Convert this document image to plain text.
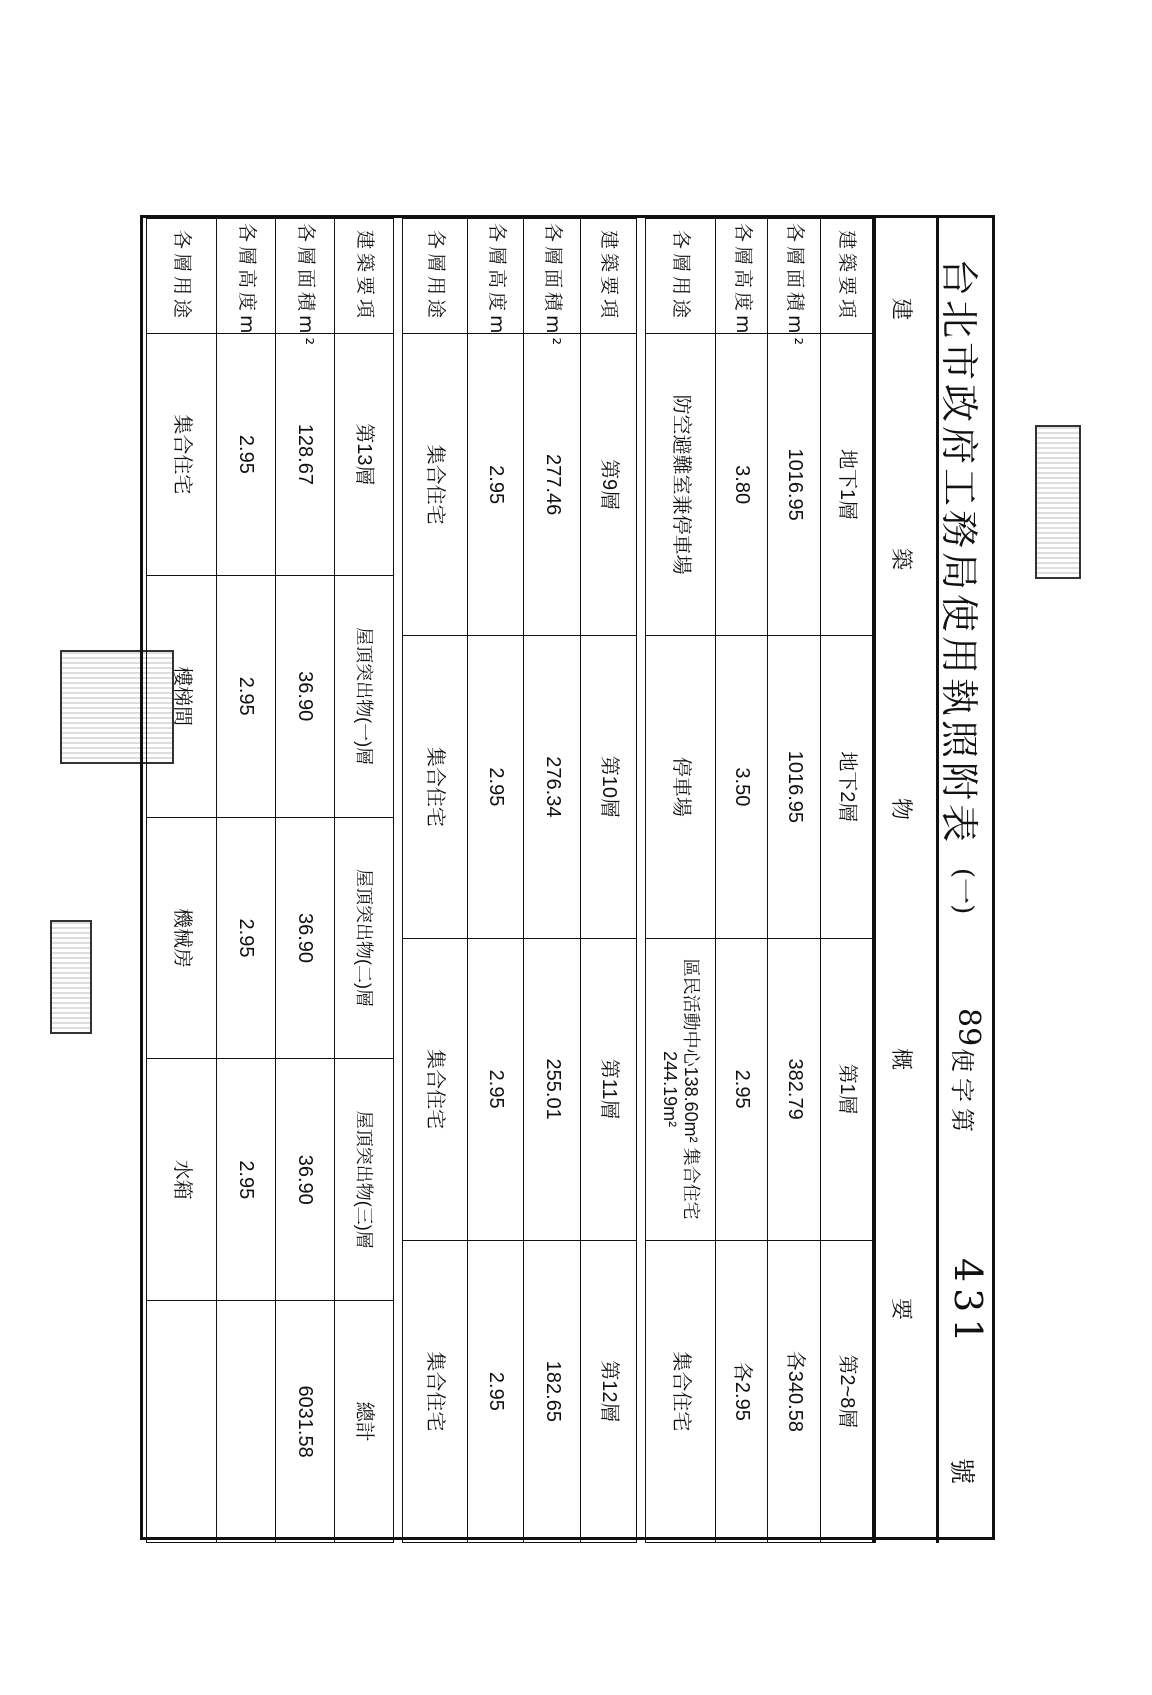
台北市政府工務局使用執照附表
(一)
89
使字第
431
號
建
築
物
概
要
建築要項	地下1層	地下2層	第1層	第2~8層
各層面積m²	1016.95	1016.95	382.79	各340.58
各層高度m	3.80	3.50	2.95	各2.95
各層用途	防空避難室兼停車場	停車場	區民活動中心138.60m² 集合住宅244.19m²	集合住宅
建築要項	第9層	第10層	第11層	第12層
各層面積m²	277.46	276.34	255.01	182.65
各層高度m	2.95	2.95	2.95	2.95
各層用途	集合住宅	集合住宅	集合住宅	集合住宅
建築要項	第13層	屋頂突出物(一)層	屋頂突出物(二)層	屋頂突出物(三)層	總計
各層面積m²	128.67	36.90	36.90	36.90	6031.58
各層高度m	2.95	2.95	2.95	2.95	
各層用途	集合住宅	樓梯間	機械房	水箱	
